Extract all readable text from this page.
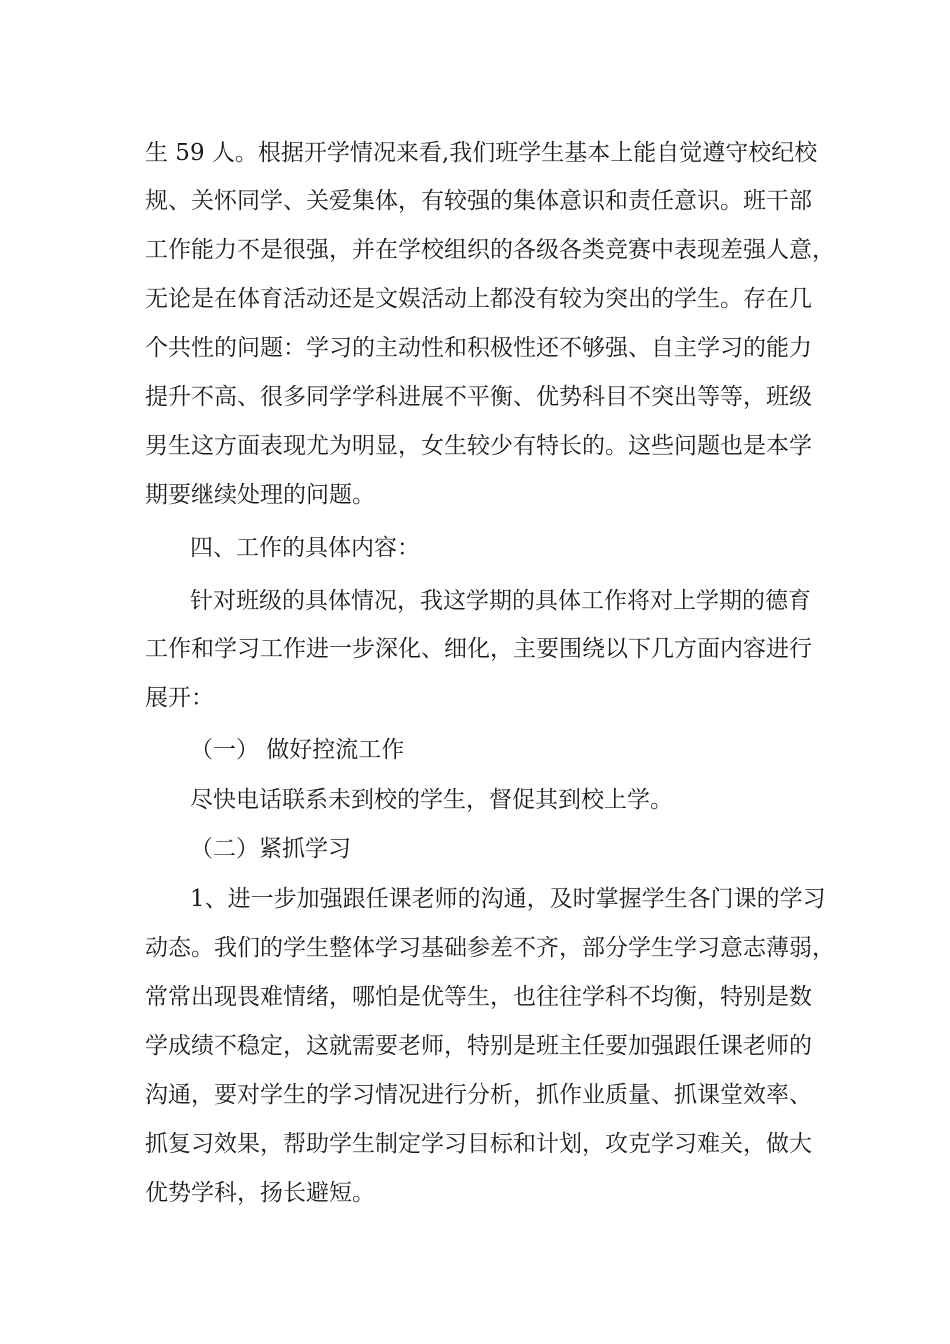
生 59 人。根据开学情况来看,我们班学生基本上能自觉遵守校纪校

规、关怀同学、关爱集体，有较强的集体意识和责任意识。班干部

工作能力不是很强，并在学校组织的各级各类竞赛中表现差强人意，

无论是在体育活动还是文娱活动上都没有较为突出的学生。存在几

个共性的问题：学习的主动性和积极性还不够强、自主学习的能力

提升不高、很多同学学科进展不平衡、优势科目不突出等等，班级

男生这方面表现尤为明显，女生较少有特长的。这些问题也是本学

期要继续处理的问题。

四、工作的具体内容：

针对班级的具体情况，我这学期的具体工作将对上学期的德育

工作和学习工作进一步深化、细化，主要围绕以下几方面内容进行

展开：

（一） 做好控流工作

尽快电话联系未到校的学生，督促其到校上学。

（二）紧抓学习

1、进一步加强跟任课老师的沟通，及时掌握学生各门课的学习

动态。我们的学生整体学习基础参差不齐，部分学生学习意志薄弱，

常常出现畏难情绪，哪怕是优等生，也往往学科不均衡，特别是数

学成绩不稳定，这就需要老师，特别是班主任要加强跟任课老师的

沟通，要对学生的学习情况进行分析，抓作业质量、抓课堂效率、

抓复习效果，帮助学生制定学习目标和计划，攻克学习难关，做大

优势学科，扬长避短。
